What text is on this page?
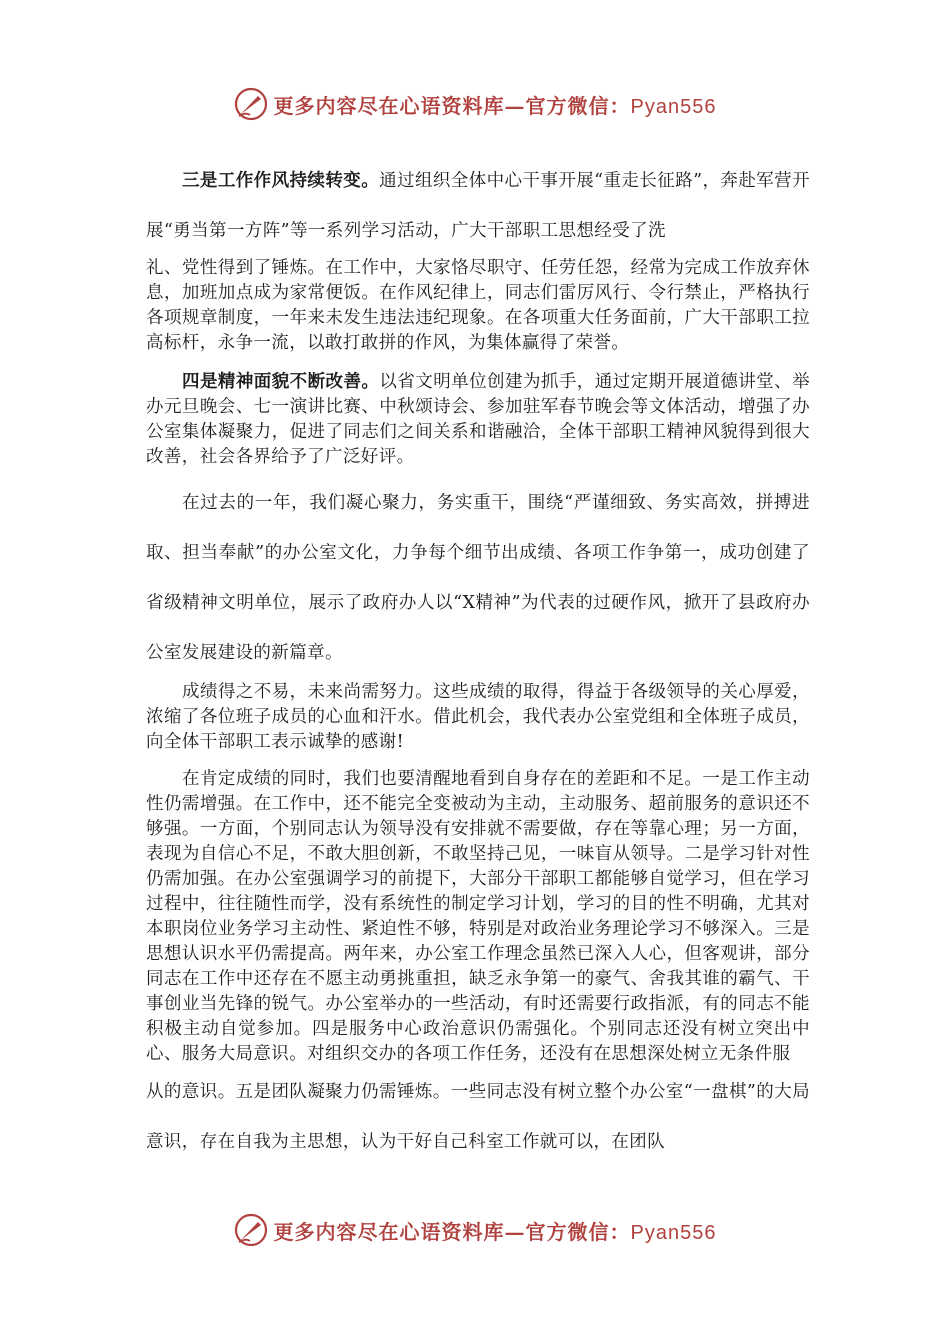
更多内容尽在心语资料库—官方微信：Pyan556

三是工作作风持续转变。通过组织全体中心干事开展“重走长征路”，奔赴军营开展“勇当第一方阵”等一系列学习活动，广大干部职工思想经受了洗

礼、党性得到了锤炼。在工作中，大家恪尽职守、任劳任怨，经常为完成工作放弃休息，加班加点成为家常便饭。在作风纪律上，同志们雷厉风行、令行禁止，严格执行各项规章制度，一年来未发生违法违纪现象。在各项重大任务面前，广大干部职工拉高标杆，永争一流，以敢打敢拼的作风，为集体赢得了荣誉。

四是精神面貌不断改善。以省文明单位创建为抓手，通过定期开展道德讲堂、举办元旦晚会、七一演讲比赛、中秋颂诗会、参加驻军春节晚会等文体活动，增强了办公室集体凝聚力，促进了同志们之间关系和谐融洽，全体干部职工精神风貌得到很大改善，社会各界给予了广泛好评。

在过去的一年，我们凝心聚力，务实重干，围绕“严谨细致、务实高效，拼搏进取、担当奉献”的办公室文化，力争每个细节出成绩、各项工作争第一，成功创建了省级精神文明单位，展示了政府办人以“X精神”为代表的过硬作风，掀开了县政府办公室发展建设的新篇章。

成绩得之不易，未来尚需努力。这些成绩的取得，得益于各级领导的关心厚爱，浓缩了各位班子成员的心血和汗水。借此机会，我代表办公室党组和全体班子成员，向全体干部职工表示诚挚的感谢!

在肯定成绩的同时，我们也要清醒地看到自身存在的差距和不足。一是工作主动性仍需增强。在工作中，还不能完全变被动为主动，主动服务、超前服务的意识还不够强。一方面，个别同志认为领导没有安排就不需要做，存在等靠心理；另一方面，表现为自信心不足，不敢大胆创新，不敢坚持己见，一味盲从领导。二是学习针对性仍需加强。在办公室强调学习的前提下，大部分干部职工都能够自觉学习，但在学习过程中，往往随性而学，没有系统性的制定学习计划，学习的目的性不明确，尤其对本职岗位业务学习主动性、紧迫性不够，特别是对政治业务理论学习不够深入。三是思想认识水平仍需提高。两年来，办公室工作理念虽然已深入人心，但客观讲，部分同志在工作中还存在不愿主动勇挑重担，缺乏永争第一的豪气、舍我其谁的霸气、干事创业当先锋的锐气。办公室举办的一些活动，有时还需要行政指派，有的同志不能积极主动自觉参加。四是服务中心政治意识仍需强化。个别同志还没有树立突出中心、服务大局意识。对组织交办的各项工作任务，还没有在思想深处树立无条件服

从的意识。五是团队凝聚力仍需锤炼。一些同志没有树立整个办公室“一盘棋”的大局意识，存在自我为主思想，认为干好自己科室工作就可以，在团队

更多内容尽在心语资料库—官方微信：Pyan556
